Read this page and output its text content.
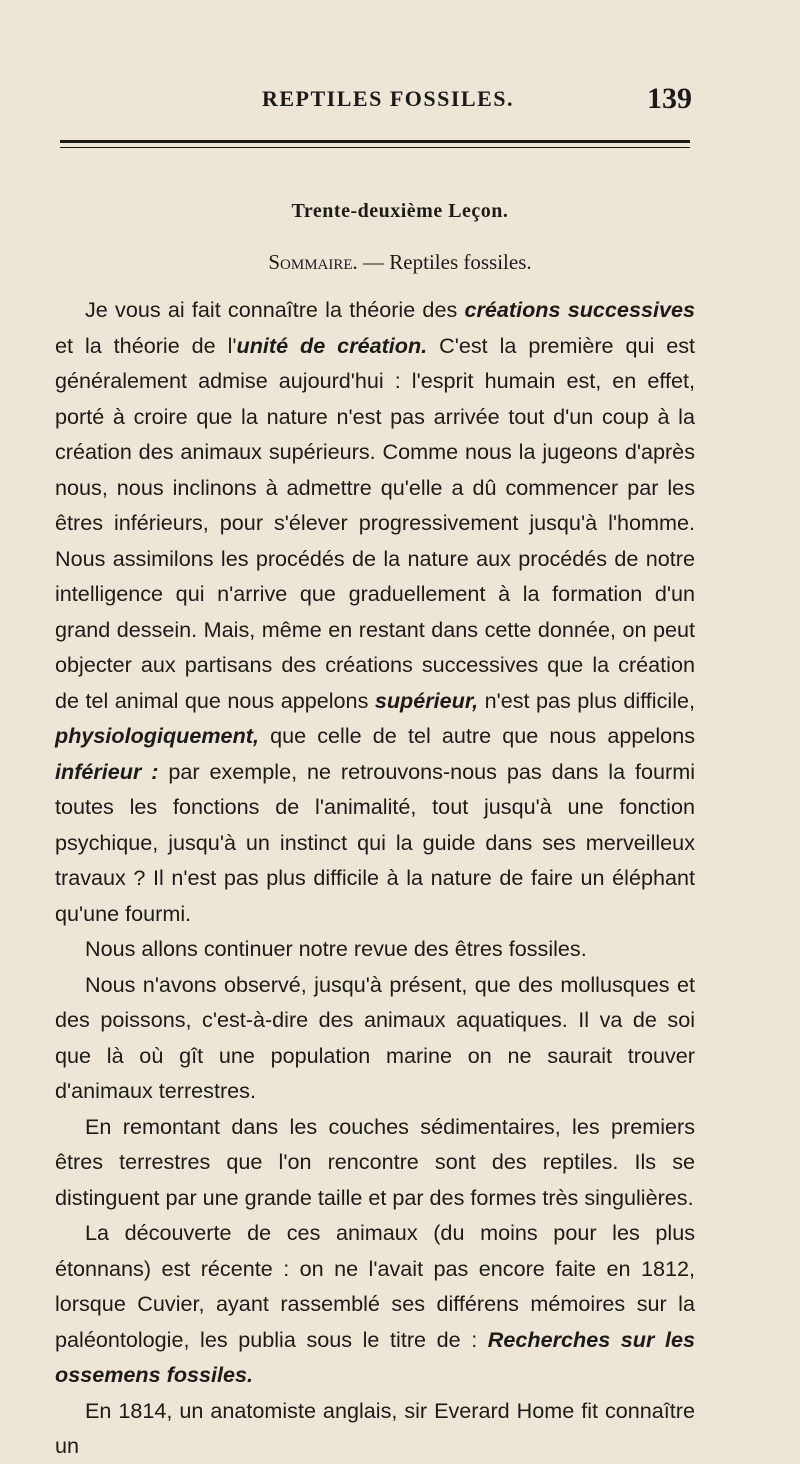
REPTILES FOSSILES.	139
Trente-deuxième Leçon.
Sommaire. — Reptiles fossiles.

Je vous ai fait connaître la théorie des créations successives et la théorie de l'unité de création. C'est la première qui est généralement admise aujourd'hui : l'esprit humain est, en effet, porté à croire que la nature n'est pas arrivée tout d'un coup à la création des animaux supérieurs. Comme nous la jugeons d'après nous, nous inclinons à admettre qu'elle a dû commencer par les êtres inférieurs, pour s'élever progressivement jusqu'à l'homme. Nous assimilons les procédés de la nature aux procédés de notre intelligence qui n'arrive que graduellement à la formation d'un grand dessein. Mais, même en restant dans cette donnée, on peut objecter aux partisans des créations successives que la création de tel animal que nous appelons supérieur, n'est pas plus difficile, physiologiquement, que celle de tel autre que nous appelons inférieur : par exemple, ne retrouvons-nous pas dans la fourmi toutes les fonctions de l'animalité, tout jusqu'à une fonction psychique, jusqu'à un instinct qui la guide dans ses merveilleux travaux ? Il n'est pas plus difficile à la nature de faire un éléphant qu'une fourmi.

Nous allons continuer notre revue des êtres fossiles.

Nous n'avons observé, jusqu'à présent, que des mollusques et des poissons, c'est-à-dire des animaux aquatiques. Il va de soi que là où gît une population marine on ne saurait trouver d'animaux terrestres.

En remontant dans les couches sédimentaires, les premiers êtres terrestres que l'on rencontre sont des reptiles. Ils se distinguent par une grande taille et par des formes très singulières.

La découverte de ces animaux (du moins pour les plus étonnans) est récente : on ne l'avait pas encore faite en 1812, lorsque Cuvier, ayant rassemblé ses différens mémoires sur la paléontologie, les publia sous le titre de : Recherches sur les ossemens fossiles.

En 1814, un anatomiste anglais, sir Everard Home fit connaître un
